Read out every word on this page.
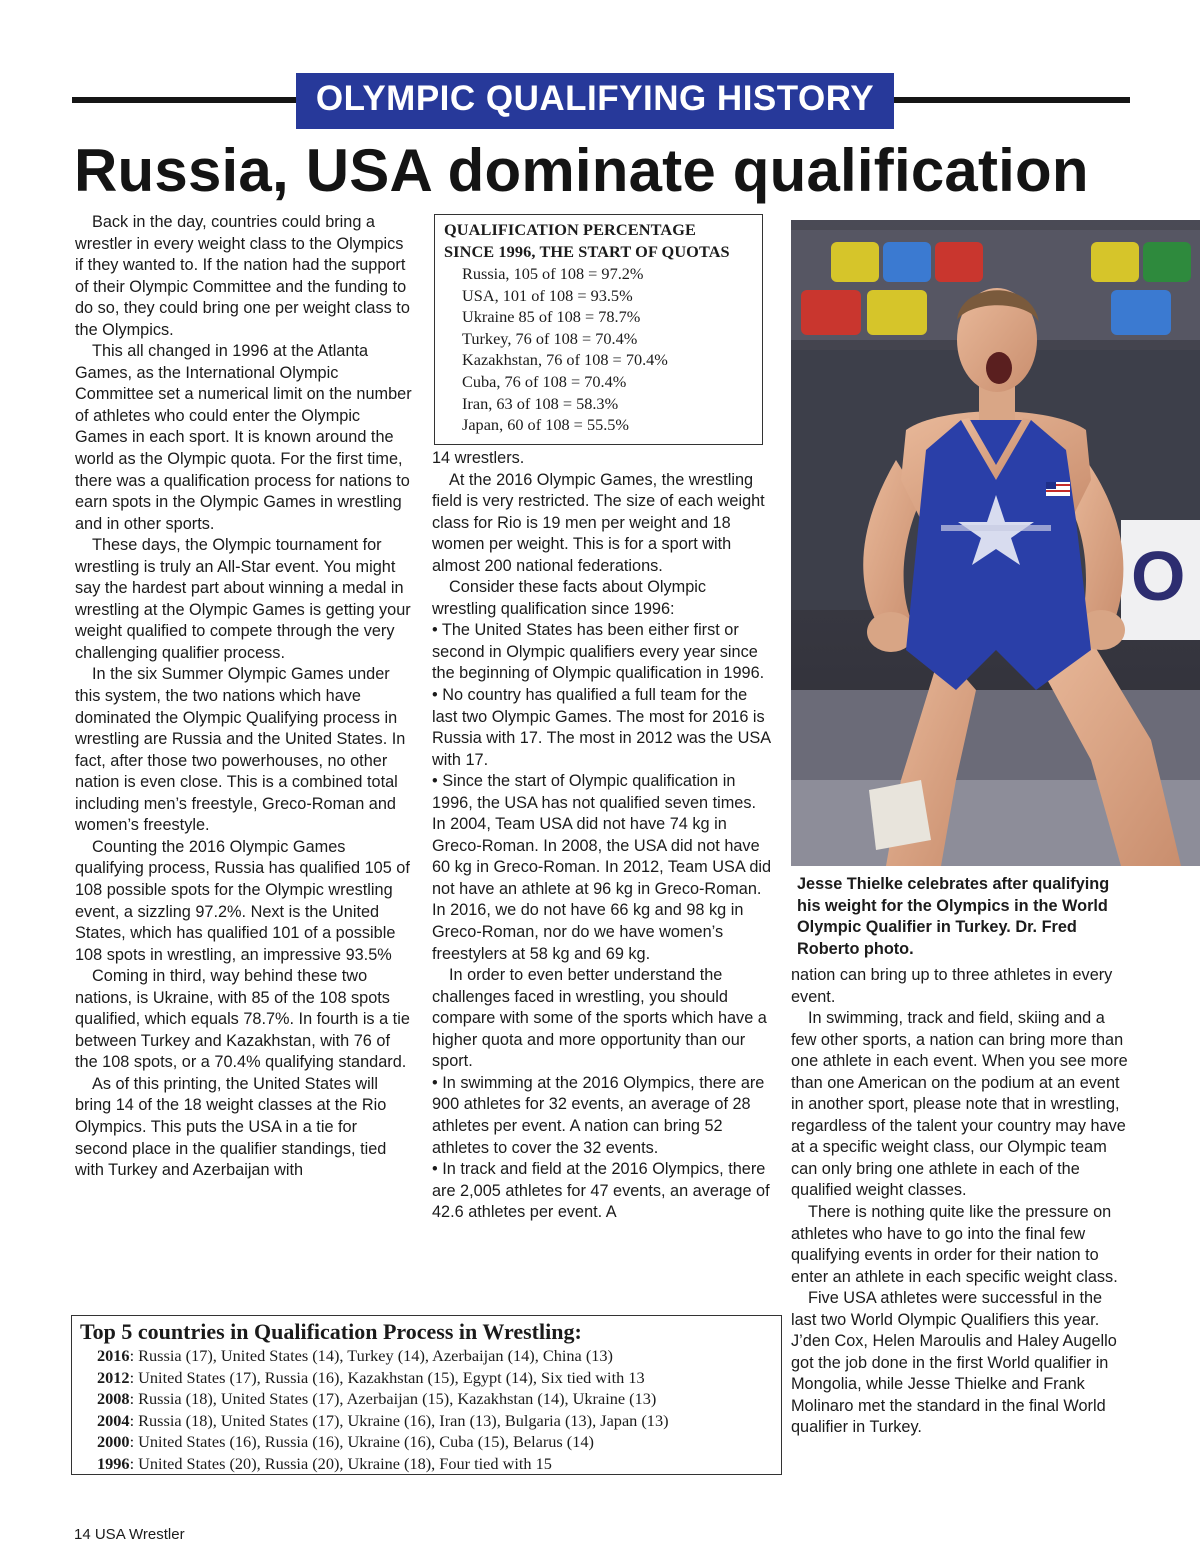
OLYMPIC QUALIFYING HISTORY
Russia, USA dominate qualification

Back in the day, countries could bring a wrestler in every weight class to the Olympics if they wanted to. If the nation had the support of their Olympic Committee and the funding to do so, they could bring one per weight class to the Olympics.

This all changed in 1996 at the Atlanta Games, as the International Olympic Committee set a numerical limit on the number of athletes who could enter the Olympic Games in each sport. It is known around the world as the Olympic quota. For the first time, there was a qualification process for nations to earn spots in the Olympic Games in wrestling and in other sports.

These days, the Olympic tournament for wrestling is truly an All-Star event. You might say the hardest part about winning a medal in wrestling at the Olympic Games is getting your weight qualified to compete through the very challenging qualifier process.

In the six Summer Olympic Games under this system, the two nations which have dominated the Olympic Qualifying process in wrestling are Russia and the United States. In fact, after those two powerhouses, no other nation is even close. This is a combined total including men’s freestyle, Greco-Roman and women’s freestyle.

Counting the 2016 Olympic Games qualifying process, Russia has qualified 105 of 108 possible spots for the Olympic wrestling event, a sizzling 97.2%. Next is the United States, which has qualified 101 of a possible 108 spots in wrestling, an impressive 93.5%

Coming in third, way behind these two nations, is Ukraine, with 85 of the 108 spots qualified, which equals 78.7%. In fourth is a tie between Turkey and Kazakhstan, with 76 of the 108 spots, or a 70.4% qualifying standard.

As of this printing, the United States will bring 14 of the 18 weight classes at the Rio Olympics. This puts the USA in a tie for second place in the qualifier standings, tied with Turkey and Azerbaijan with

QUALIFICATION PERCENTAGE
SINCE 1996, THE START OF QUOTAS
Russia, 105 of 108 = 97.2%
USA, 101 of 108 = 93.5%
Ukraine 85 of 108 = 78.7%
Turkey, 76 of 108 = 70.4%
Kazakhstan, 76 of 108 = 70.4%
Cuba, 76 of 108 = 70.4%
Iran, 63 of 108 = 58.3%
Japan, 60 of 108 = 55.5%

14 wrestlers.

At the 2016 Olympic Games, the wrestling field is very restricted. The size of each weight class for Rio is 19 men per weight and 18 women per weight. This is for a sport with almost 200 national federations.

Consider these facts about Olympic wrestling qualification since 1996:

• The United States has been either first or second in Olympic qualifiers every year since the beginning of Olympic qualification in 1996.

• No country has qualified a full team for the last two Olympic Games. The most for 2016 is Russia with 17. The most in 2012 was the USA with 17.

• Since the start of Olympic qualification in 1996, the USA has not qualified seven times. In 2004, Team USA did not have 74 kg in Greco-Roman. In 2008, the USA did not have 60 kg in Greco-Roman. In 2012, Team USA did not have an athlete at 96 kg in Greco-Roman. In 2016, we do not have 66 kg and 98 kg in Greco-Roman, nor do we have women’s freestylers at 58 kg and 69 kg.

In order to even better understand the challenges faced in wrestling, you should compare with some of the sports which have a higher quota and more opportunity than our sport.

• In swimming at the 2016 Olympics, there are 900 athletes for 32 events, an average of 28 athletes per event. A nation can bring 52 athletes to cover the 32 events.

• In track and field at the 2016 Olympics, there are 2,005 athletes for 47 events, an average of 42.6 athletes per event. A

O
Jesse Thielke celebrates after qualifying his weight for the Olympics in the World Olympic Qualifier in Turkey. Dr. Fred Roberto photo.

nation can bring up to three athletes in every event.

In swimming, track and field, skiing and a few other sports, a nation can bring more than one athlete in each event. When you see more than one American on the podium at an event in another sport, please note that in wrestling, regardless of the talent your country may have at a specific weight class, our Olympic team can only bring one athlete in each of the qualified weight classes.

There is nothing quite like the pressure on athletes who have to go into the final few qualifying events in order for their nation to enter an athlete in each specific weight class.

Five USA athletes were successful in the last two World Olympic Qualifiers this year. J’den Cox, Helen Maroulis and Haley Augello got the job done in the first World qualifier in Mongolia, while Jesse Thielke and Frank Molinaro met the standard in the final World qualifier in Turkey.

Top 5 countries in Qualification Process in Wrestling:
2016: Russia (17), United States (14), Turkey (14), Azerbaijan (14), China (13)
2012: United States (17), Russia (16), Kazakhstan (15), Egypt (14), Six tied with 13
2008: Russia (18), United States (17), Azerbaijan (15), Kazakhstan (14), Ukraine (13)
2004: Russia (18), United States (17), Ukraine (16), Iran (13), Bulgaria (13), Japan (13)
2000: United States (16), Russia (16), Ukraine (16), Cuba (15), Belarus (14)
1996: United States (20), Russia (20), Ukraine (18), Four tied with 15
14 USA Wrestler
